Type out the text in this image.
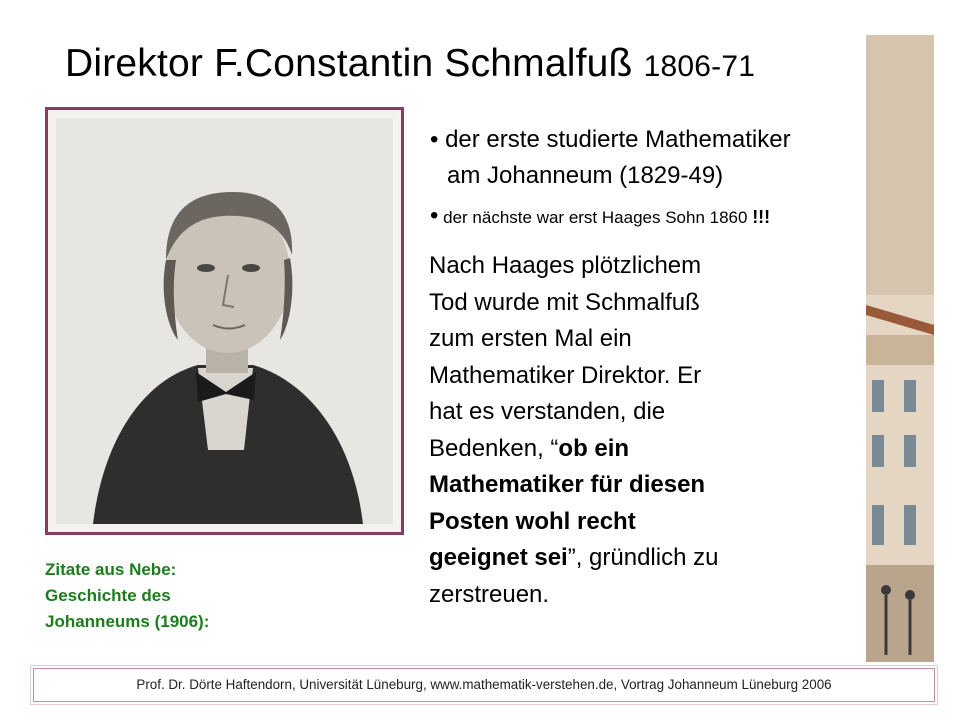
Direktor F.Constantin Schmalfuß 1806-71
• der erste studierte Mathematiker
am Johanneum (1829-49)
• der nächste war erst Haages Sohn 1860 !!!
Nach Haages plötzlichem
Tod wurde mit Schmalfuß
zum ersten Mal ein
Mathematiker Direktor. Er
hat es verstanden, die
Bedenken, “ob ein
Mathematiker für diesen
Posten wohl recht
geeignet sei”, gründlich zu
zerstreuen.
Zitate aus Nebe:
Geschichte des
Johanneums (1906):
Prof. Dr. Dörte Haftendorn, Universität Lüneburg, www.mathematik-verstehen.de, Vortrag Johanneum Lüneburg 2006
